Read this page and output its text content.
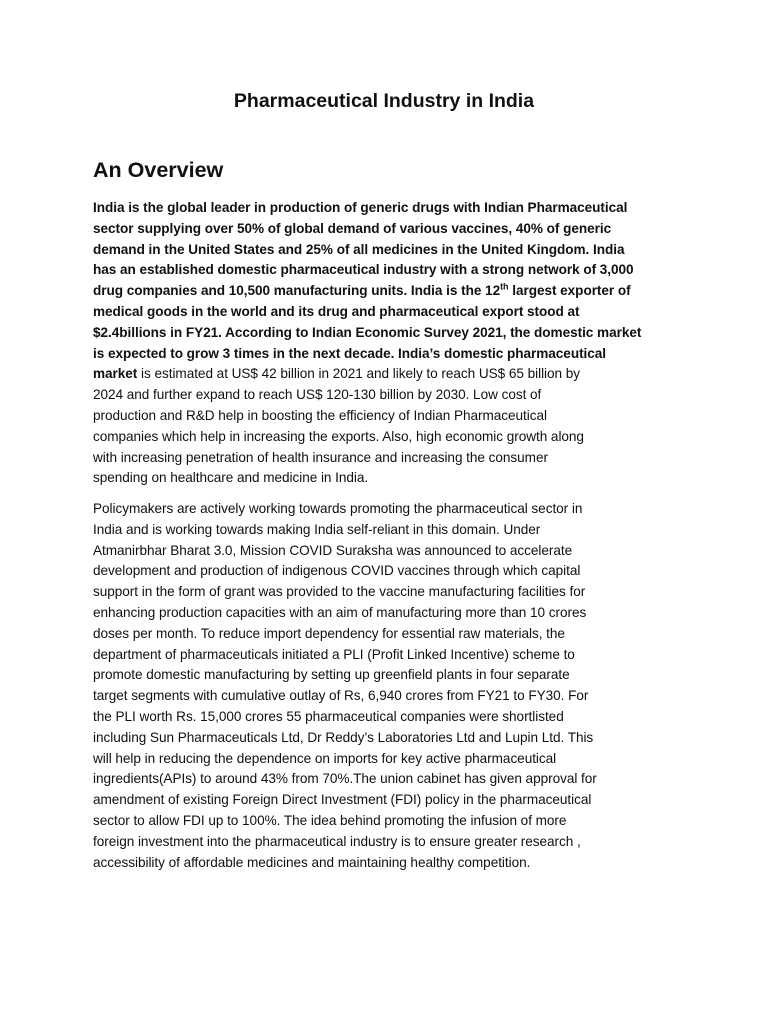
Pharmaceutical Industry in India
An Overview

India is the global leader in production of generic drugs with Indian Pharmaceutical
sector supplying over 50% of global demand of various vaccines, 40% of generic
demand in the United States and 25% of all medicines in the United Kingdom. India
has an established domestic pharmaceutical industry with a strong network of 3,000
drug companies and 10,500 manufacturing units. India is the 12th largest exporter of
medical goods in the world and its drug and pharmaceutical export stood at
$2.4billions in FY21. According to Indian Economic Survey 2021, the domestic market
is expected to grow 3 times in the next decade. India’s domestic pharmaceutical
market is estimated at US$ 42 billion in 2021 and likely to reach US$ 65 billion by
2024 and further expand to reach US$ 120-130 billion by 2030. Low cost of
production and R&D help in boosting the efficiency of Indian Pharmaceutical
companies which help in increasing the exports. Also, high economic growth along
with increasing penetration of health insurance and increasing the consumer
spending on healthcare and medicine in India.

Policymakers are actively working towards promoting the pharmaceutical sector in
India and is working towards making India self-reliant in this domain. Under
Atmanirbhar Bharat 3.0, Mission COVID Suraksha was announced to accelerate
development and production of indigenous COVID vaccines through which capital
support in the form of grant was provided to the vaccine manufacturing facilities for
enhancing production capacities with an aim of manufacturing more than 10 crores
doses per month. To reduce import dependency for essential raw materials, the
department of pharmaceuticals initiated a PLI (Profit Linked Incentive) scheme to
promote domestic manufacturing by setting up greenfield plants in four separate
target segments with cumulative outlay of Rs, 6,940 crores from FY21 to FY30. For
the PLI worth Rs. 15,000 crores 55 pharmaceutical companies were shortlisted
including Sun Pharmaceuticals Ltd, Dr Reddy’s Laboratories Ltd and Lupin Ltd. This
will help in reducing the dependence on imports for key active pharmaceutical
ingredients(APIs) to around 43% from 70%.The union cabinet has given approval for
amendment of existing Foreign Direct Investment (FDI) policy in the pharmaceutical
sector to allow FDI up to 100%. The idea behind promoting the infusion of more
foreign investment into the pharmaceutical industry is to ensure greater research ,
accessibility of affordable medicines and maintaining healthy competition.
